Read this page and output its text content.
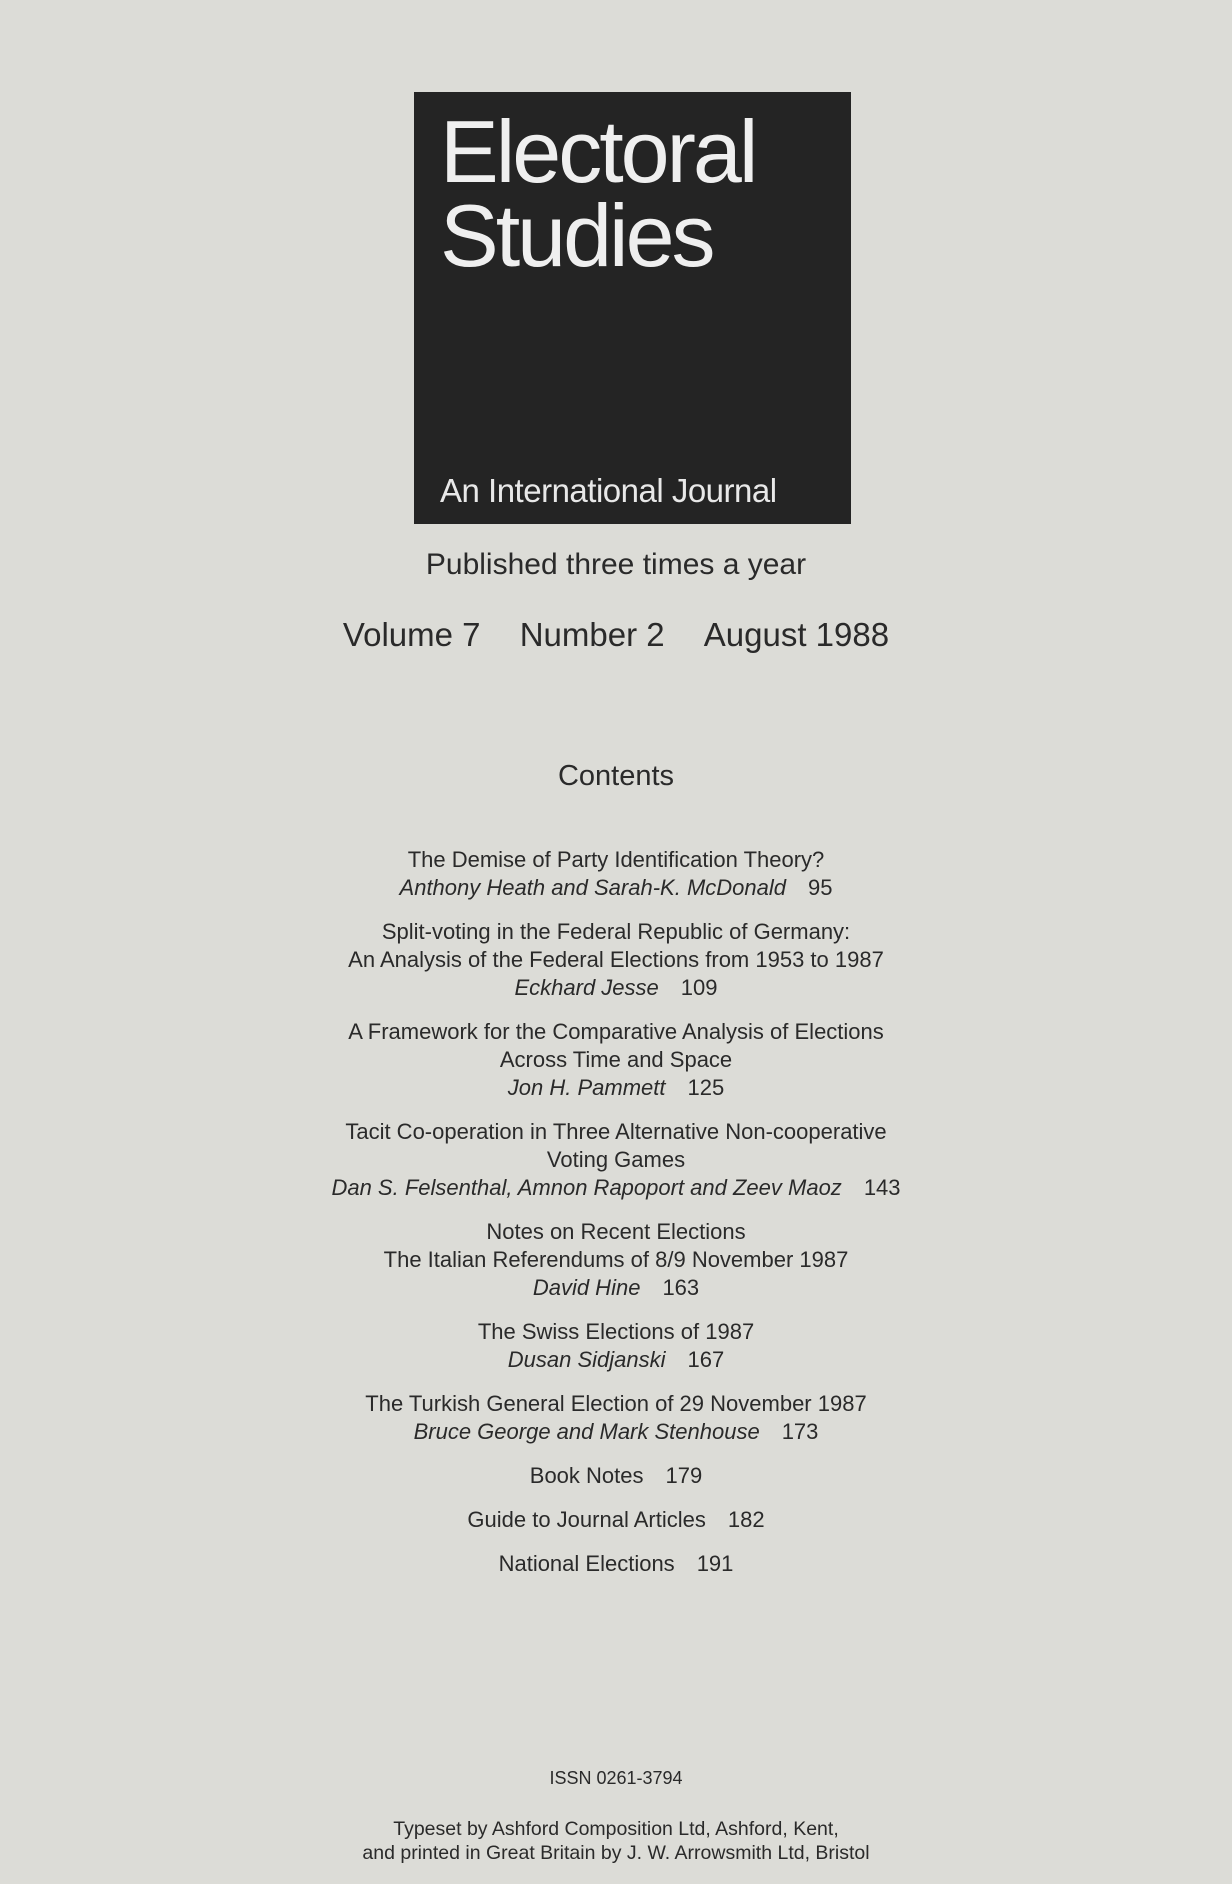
Electoral
Studies
An International Journal
Published three times a year
Volume 7 Number 2 August 1988
Contents
The Demise of Party Identification Theory?
Anthony Heath and Sarah-K. McDonald 95
Split-voting in the Federal Republic of Germany:
An Analysis of the Federal Elections from 1953 to 1987
Eckhard Jesse 109
A Framework for the Comparative Analysis of Elections
Across Time and Space
Jon H. Pammett 125
Tacit Co-operation in Three Alternative Non-cooperative
Voting Games
Dan S. Felsenthal, Amnon Rapoport and Zeev Maoz 143
Notes on Recent Elections
The Italian Referendums of 8/9 November 1987
David Hine 163
The Swiss Elections of 1987
Dusan Sidjanski 167
The Turkish General Election of 29 November 1987
Bruce George and Mark Stenhouse 173
Book Notes 179
Guide to Journal Articles 182
National Elections 191
ISSN 0261-3794
Typeset by Ashford Composition Ltd, Ashford, Kent,
and printed in Great Britain by J. W. Arrowsmith Ltd, Bristol
